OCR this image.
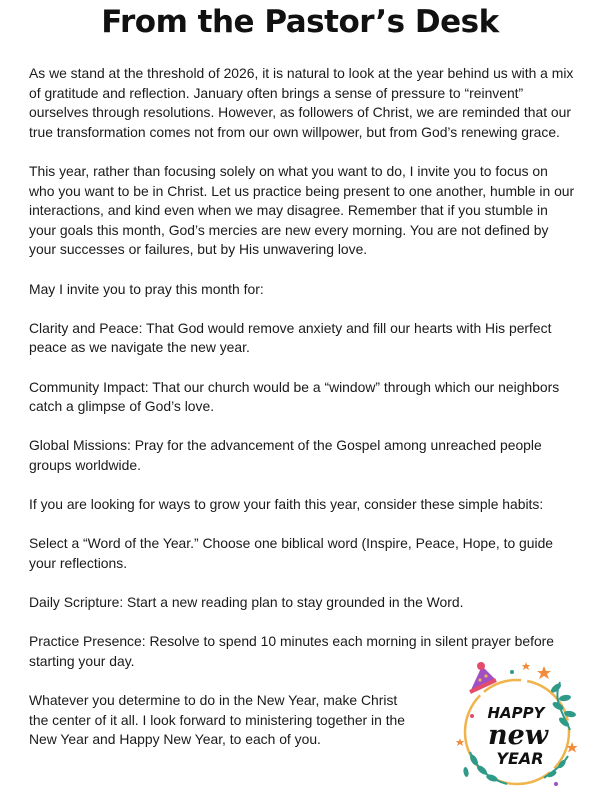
From the Pastor’s Desk

As we stand at the threshold of 2026, it is natural to look at the year behind us with a mix of gratitude and reflection. January often brings a sense of pressure to “reinvent” ourselves through resolutions. However, as followers of Christ, we are reminded that our true transformation comes not from our own willpower, but from God’s renewing grace.

This year, rather than focusing solely on what you want to do, I invite you to focus on who you want to be in Christ. Let us practice being present to one another, humble in our interactions, and kind even when we may disagree. Remember that if you stumble in your goals this month, God’s mercies are new every morning. You are not defined by your successes or failures, but by His unwavering love.

May I invite you to pray this month for:

Clarity and Peace: That God would remove anxiety and fill our hearts with His perfect peace as we navigate the new year.

Community Impact: That our church would be a “window” through which our neighbors catch a glimpse of God’s love.

Global Missions: Pray for the advancement of the Gospel among unreached people groups worldwide.

If you are looking for ways to grow your faith this year, consider these simple habits:

Select a “Word of the Year.” Choose one biblical word (Inspire, Peace, Hope, to guide your reflections.

Daily Scripture: Start a new reading plan to stay grounded in the Word.

Practice Presence: Resolve to spend 10 minutes each morning in silent prayer before starting your day.

Whatever you determine to do in the New Year, make Christ the center of it all. I look forward to ministering together in the New Year and Happy New Year, to each of you.

HAPPY
new
YEAR
